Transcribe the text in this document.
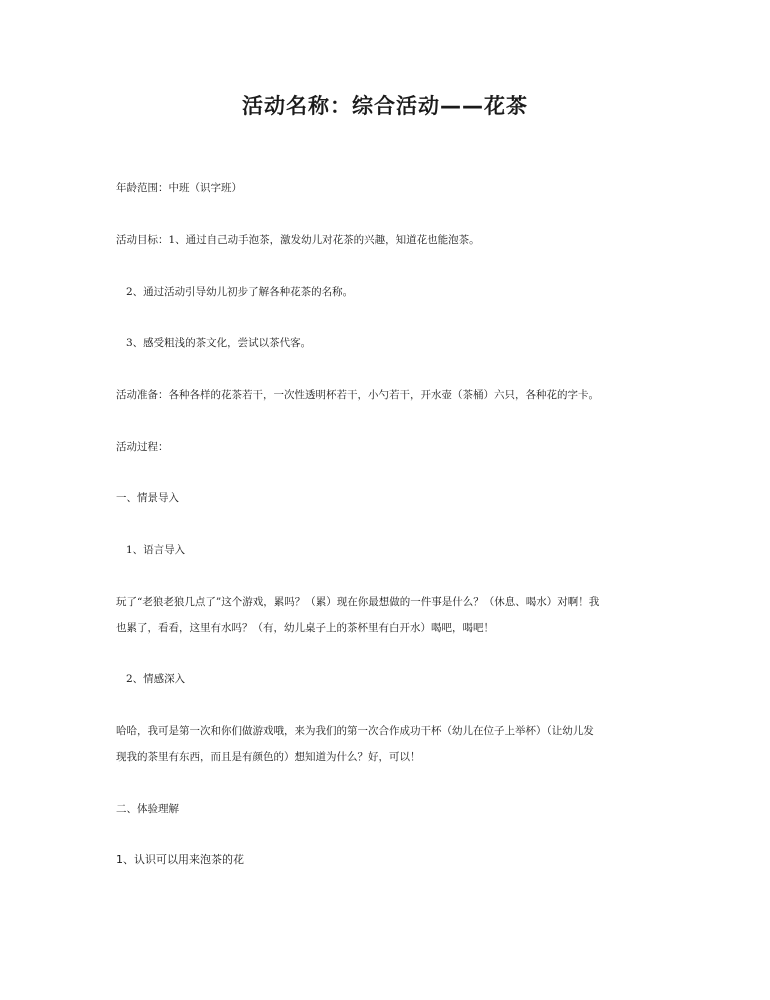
活动名称：综合活动——花茶

年龄范围：中班（识字班）

活动目标：1、通过自己动手泡茶，激发幼儿对花茶的兴趣，知道花也能泡茶。

2、通过活动引导幼儿初步了解各种花茶的名称。

3、感受粗浅的茶文化，尝试以茶代客。

活动准备：各种各样的花茶若干，一次性透明杯若干，小勺若干，开水壶（茶桶）六只，各种花的字卡。

活动过程：

一、情景导入

1、语言导入

玩了“老狼老狼几点了”这个游戏，累吗？（累）现在你最想做的一件事是什么？（休息、喝水）对啊！我

也累了，看看，这里有水吗？（有，幼儿桌子上的茶杯里有白开水）喝吧，喝吧！

2、情感深入

哈哈，我可是第一次和你们做游戏哦，来为我们的第一次合作成功干杯（幼儿在位子上举杯）（让幼儿发

现我的茶里有东西，而且是有颜色的）想知道为什么？好，可以！

二、体验理解

1、认识可以用来泡茶的花
